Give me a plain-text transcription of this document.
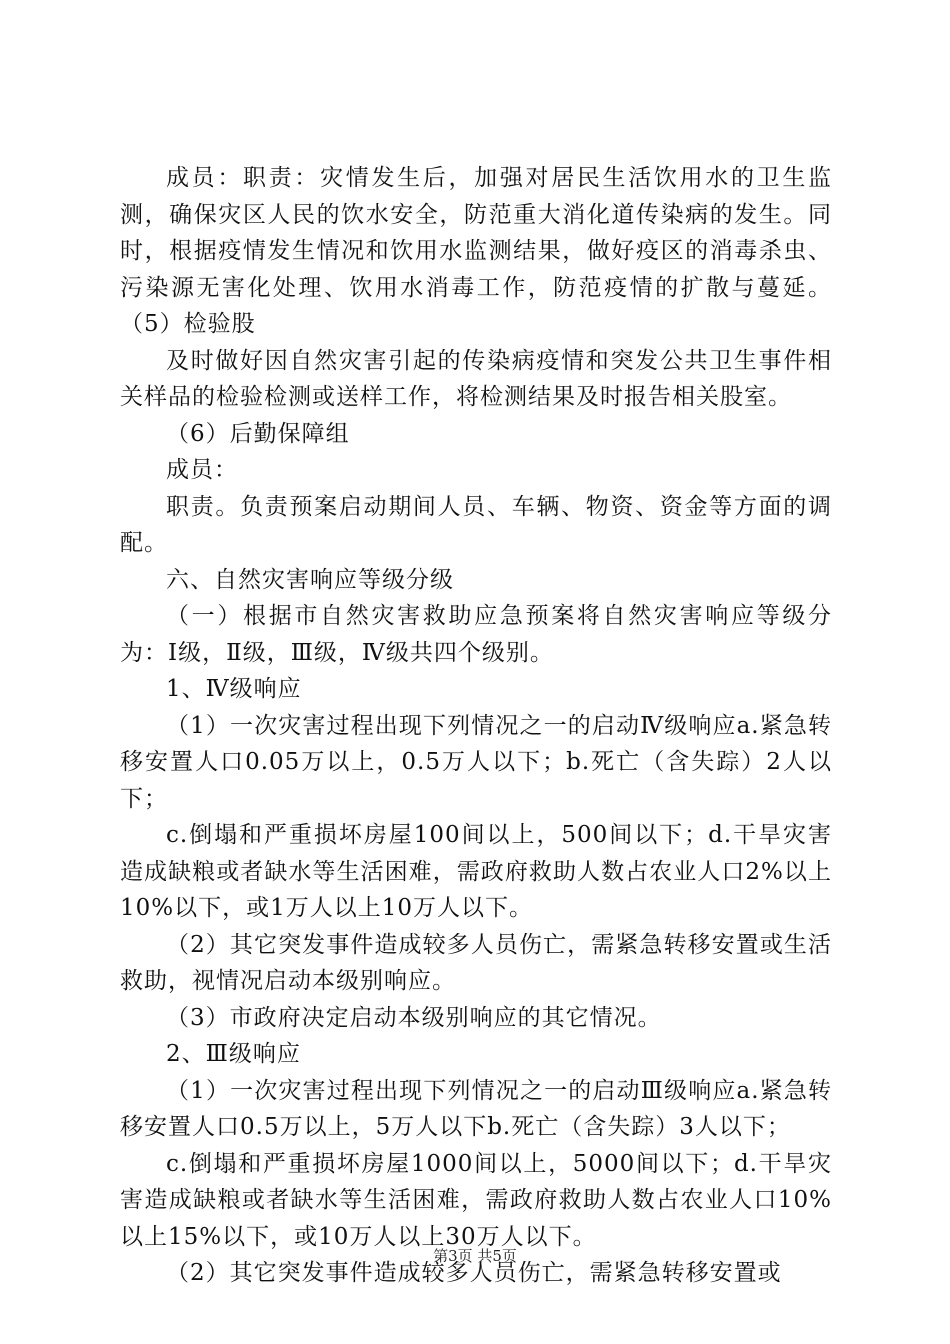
成员：职责：灾情发生后，加强对居民生活饮用水的卫生监测，确保灾区人民的饮水安全，防范重大消化道传染病的发生。同时，根据疫情发生情况和饮用水监测结果，做好疫区的消毒杀虫、污染源无害化处理、饮用水消毒工作，防范疫情的扩散与蔓延。（5）检验股

及时做好因自然灾害引起的传染病疫情和突发公共卫生事件相关样品的检验检测或送样工作，将检测结果及时报告相关股室。

（6）后勤保障组

成员：

职责。负责预案启动期间人员、车辆、物资、资金等方面的调配。

六、自然灾害响应等级分级

（一）根据市自然灾害救助应急预案将自然灾害响应等级分为：Ⅰ级，Ⅱ级，Ⅲ级，Ⅳ级共四个级别。

1、Ⅳ级响应

（1）一次灾害过程出现下列情况之一的启动Ⅳ级响应a.紧急转移安置人口0.05万以上，0.5万人以下；b.死亡（含失踪）2人以下；

c.倒塌和严重损坏房屋100间以上，500间以下；d.干旱灾害造成缺粮或者缺水等生活困难，需政府救助人数占农业人口2%以上10%以下，或1万人以上10万人以下。

（2）其它突发事件造成较多人员伤亡，需紧急转移安置或生活救助，视情况启动本级别响应。

（3）市政府决定启动本级别响应的其它情况。

2、Ⅲ级响应

（1）一次灾害过程出现下列情况之一的启动Ⅲ级响应a.紧急转移安置人口0.5万以上，5万人以下b.死亡（含失踪）3人以下；

c.倒塌和严重损坏房屋1000间以上，5000间以下；d.干旱灾害造成缺粮或者缺水等生活困难，需政府救助人数占农业人口10%以上15%以下，或10万人以上30万人以下。

（2）其它突发事件造成较多人员伤亡，需紧急转移安置或

第3页 共5页
